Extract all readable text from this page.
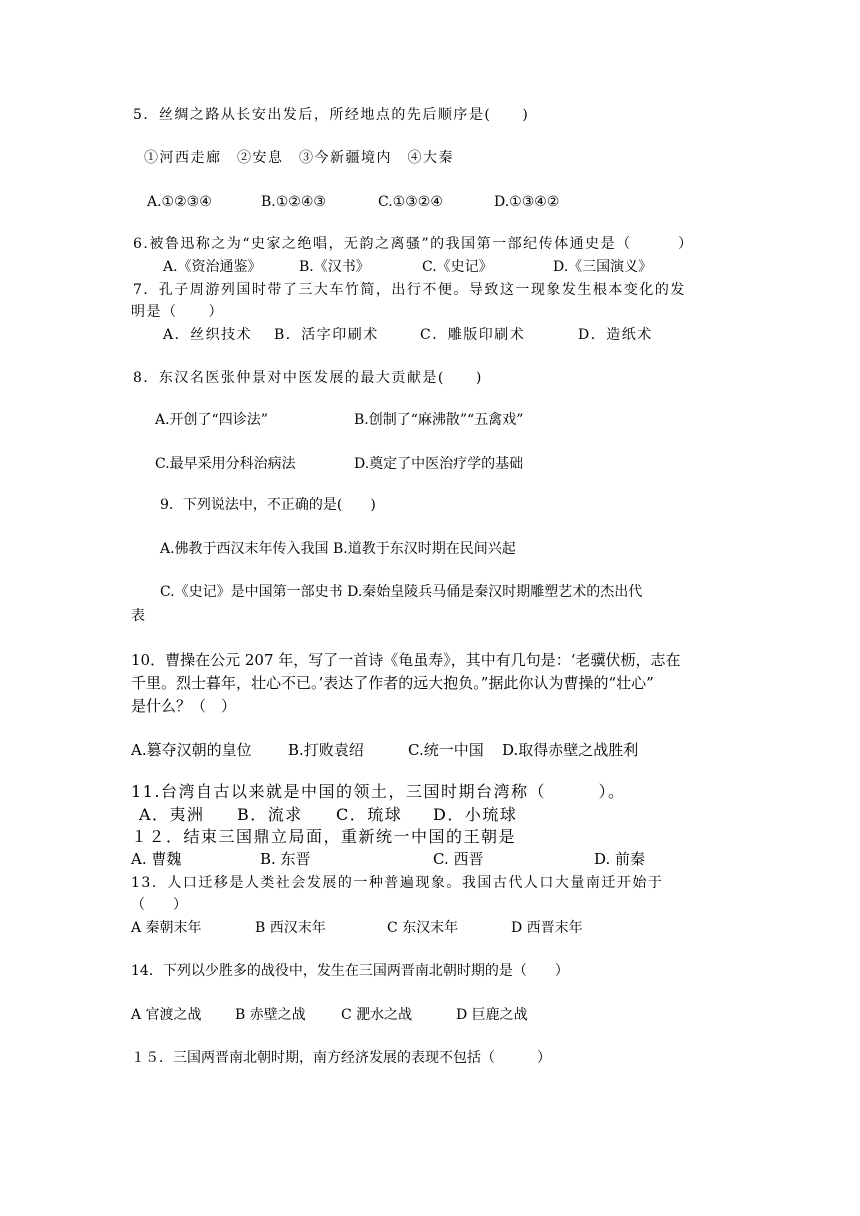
5．丝绸之路从长安出发后，所经地点的先后顺序是(　　)
①河西走廊　②安息　③今新疆境内　④大秦
A.①②③④	B.①②④③	C.①③②④	D.①③④②
6.被鲁迅称之为“史家之绝唱，无韵之离骚”的我国第一部纪传体通史是（　　　）
A.《资治通鉴》	B.《汉书》	C.《史记》	D.《三国演义》
7．孔子周游列国时带了三大车竹简，出行不便。导致这一现象发生根本变化的发
明是（　　）
A．丝织技术 B．活字印刷术	C．雕版印刷术	D．造纸术
8．东汉名医张仲景对中医发展的最大贡献是(　　)
A.开创了“四诊法”	B.创制了“麻沸散”“五禽戏”
C.最早采用分科治病法	D.奠定了中医治疗学的基础
9．下列说法中，不正确的是(　　)
A.佛教于西汉末年传入我国 B.道教于东汉时期在民间兴起
C.《史记》是中国第一部史书 D.秦始皇陵兵马俑是秦汉时期雕塑艺术的杰出代
表
10．曹操在公元 207 年，写了一首诗《龟虽寿》，其中有几句是：‘老骥伏枥，志在
千里。烈士暮年，壮心不已。’表达了作者的远大抱负。”据此你认为曹操的“壮心”
是什么？（　）
A.篡夺汉朝的皇位 B.打败袁绍	C.统一中国 D.取得赤壁之战胜利
11.台湾自古以来就是中国的领土，三国时期台湾称（　　　）。
A．夷洲 B．流求 C．琉球 D．小琉球
１２．结束三国鼎立局面，重新统一中国的王朝是
A. 曹魏	B. 东晋	C. 西晋	D. 前秦
13．人口迁移是人类社会发展的一种普遍现象。我国古代人口大量南迁开始于
（　　）
A 秦朝末年	B 西汉末年	C 东汉末年	D 西晋末年
14．下列以少胜多的战役中，发生在三国两晋南北朝时期的是（　　）
A 官渡之战 B 赤壁之战	C 淝水之战	D 巨鹿之战
１５．三国两晋南北朝时期，南方经济发展的表现不包括（　　　）
